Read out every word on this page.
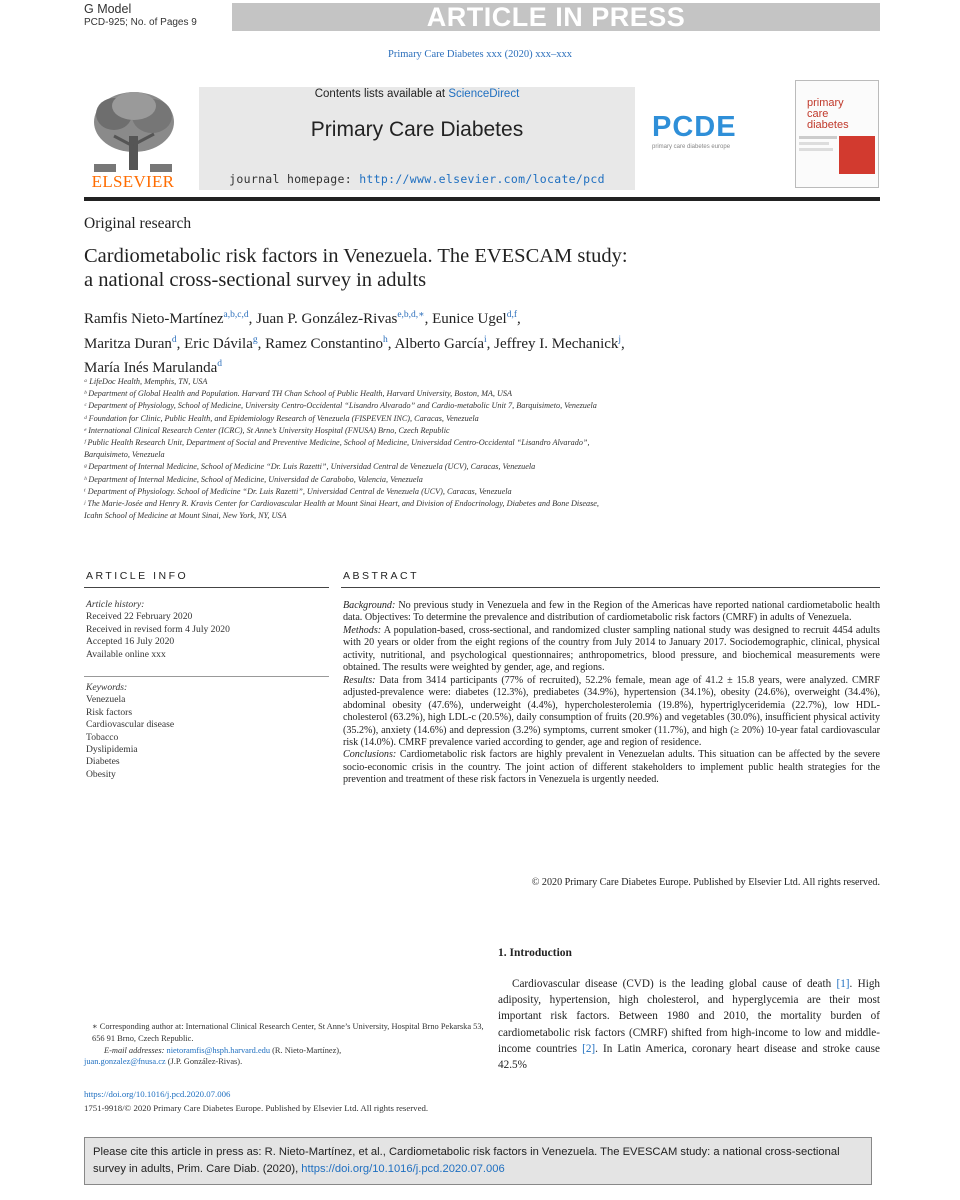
G Model
PCD-925; No. of Pages 9	ARTICLE IN PRESS
Primary Care Diabetes xxx (2020) xxx–xxx
ELSEVIER
Contents lists available at ScienceDirect
Primary Care Diabetes
journal homepage: http://www.elsevier.com/locate/pcd
PCDE
primary care diabetes europe
primary
care
diabetes
Original research
Cardiometabolic risk factors in Venezuela. The EVESCAM study:
a national cross-sectional survey in adults
Ramfis Nieto-Martínez$^{a,b,c,d}$, Juan P. González-Rivas$^{e,b,d,∗}$, Eunice Ugel$^{d,f}$,
Maritza Duran$^d$, Eric Dávila$^g$, Ramez Constantino$^h$, Alberto García$^i$, Jeffrey I. Mechanick$^j$,
María Inés Marulanda$^d$
ᵃ LifeDoc Health, Memphis, TN, USA
ᵇ Department of Global Health and Population. Harvard TH Chan School of Public Health, Harvard University, Boston, MA, USA
ᶜ Department of Physiology, School of Medicine, University Centro-Occidental “Lisandro Alvarado” and Cardio-metabolic Unit 7, Barquisimeto, Venezuela
ᵈ Foundation for Clinic, Public Health, and Epidemiology Research of Venezuela (FISPEVEN INC), Caracas, Venezuela
ᵉ International Clinical Research Center (ICRC), St Anne’s University Hospital (FNUSA) Brno, Czech Republic
ᶠ Public Health Research Unit, Department of Social and Preventive Medicine, School of Medicine, Universidad Centro-Occidental “Lisandro Alvarado”,
Barquisimeto, Venezuela
ᵍ Department of Internal Medicine, School of Medicine “Dr. Luis Razetti”, Universidad Central de Venezuela (UCV), Caracas, Venezuela
ʰ Department of Internal Medicine, School of Medicine, Universidad de Carabobo, Valencia, Venezuela
ⁱ Department of Physiology. School of Medicine “Dr. Luis Razetti”, Universidad Central de Venezuela (UCV), Caracas, Venezuela
ʲ The Marie-Josée and Henry R. Kravis Center for Cardiovascular Health at Mount Sinai Heart, and Division of Endocrinology, Diabetes and Bone Disease,
Icahn School of Medicine at Mount Sinai, New York, NY, USA
ARTICLE INFO
Article history:
Received 22 February 2020
Received in revised form 4 July 2020
Accepted 16 July 2020
Available online xxx
Keywords:
Venezuela
Risk factors
Cardiovascular disease
Tobacco
Dyslipidemia
Diabetes
Obesity
ABSTRACT

Background: No previous study in Venezuela and few in the Region of the Americas have reported national cardiometabolic health data. Objectives: To determine the prevalence and distribution of cardiometabolic risk factors (CMRF) in adults of Venezuela.

Methods: A population-based, cross-sectional, and randomized cluster sampling national study was designed to recruit 4454 adults with 20 years or older from the eight regions of the country from July 2014 to January 2017. Sociodemographic, clinical, physical activity, nutritional, and psychological questionnaires; anthropometrics, blood pressure, and biochemical measurements were obtained. The results were weighted by gender, age, and regions.

Results: Data from 3414 participants (77% of recruited), 52.2% female, mean age of 41.2 ± 15.8 years, were analyzed. CMRF adjusted-prevalence were: diabetes (12.3%), prediabetes (34.9%), hypertension (34.1%), obesity (24.6%), overweight (34.4%), abdominal obesity (47.6%), underweight (4.4%), hypercholesterolemia (19.8%), hypertriglyceridemia (22.7%), low HDL-cholesterol (63.2%), high LDL-c (20.5%), daily consumption of fruits (20.9%) and vegetables (30.0%), insufficient physical activity (35.2%), anxiety (14.6%) and depression (3.2%) symptoms, current smoker (11.7%), and high (≥ 20%) 10-year fatal cardiovascular risk (14.0%). CMRF prevalence varied according to gender, age and region of residence.

Conclusions: Cardiometabolic risk factors are highly prevalent in Venezuelan adults. This situation can be affected by the severe socio-economic crisis in the country. The joint action of different stakeholders to implement public health strategies for the prevention and treatment of these risk factors in Venezuela is urgently needed.

© 2020 Primary Care Diabetes Europe. Published by Elsevier Ltd. All rights reserved.
1. Introduction
Cardiovascular disease (CVD) is the leading global cause of death [1]. High adiposity, hypertension, high cholesterol, and hyperglycemia are their most important risk factors. Between 1980 and 2010, the mortality burden of cardiometabolic risk factors (CMRF) shifted from high-income to low and middle-income countries [2]. In Latin America, coronary heart disease and stroke cause 42.5%
∗ Corresponding author at: International Clinical Research Center, St Anne’s University, Hospital Brno Pekarska 53, 656 91 Brno, Czech Republic.
E-mail addresses: nietoramfis@hsph.harvard.edu (R. Nieto-Martínez),
juan.gonzalez@fnusa.cz (J.P. González-Rivas).
https://doi.org/10.1016/j.pcd.2020.07.006
1751-9918/© 2020 Primary Care Diabetes Europe. Published by Elsevier Ltd. All rights reserved.
Please cite this article in press as: R. Nieto-Martínez, et al., Cardiometabolic risk factors in Venezuela. The EVESCAM study: a national cross-sectional survey in adults, Prim. Care Diab. (2020), https://doi.org/10.1016/j.pcd.2020.07.006
